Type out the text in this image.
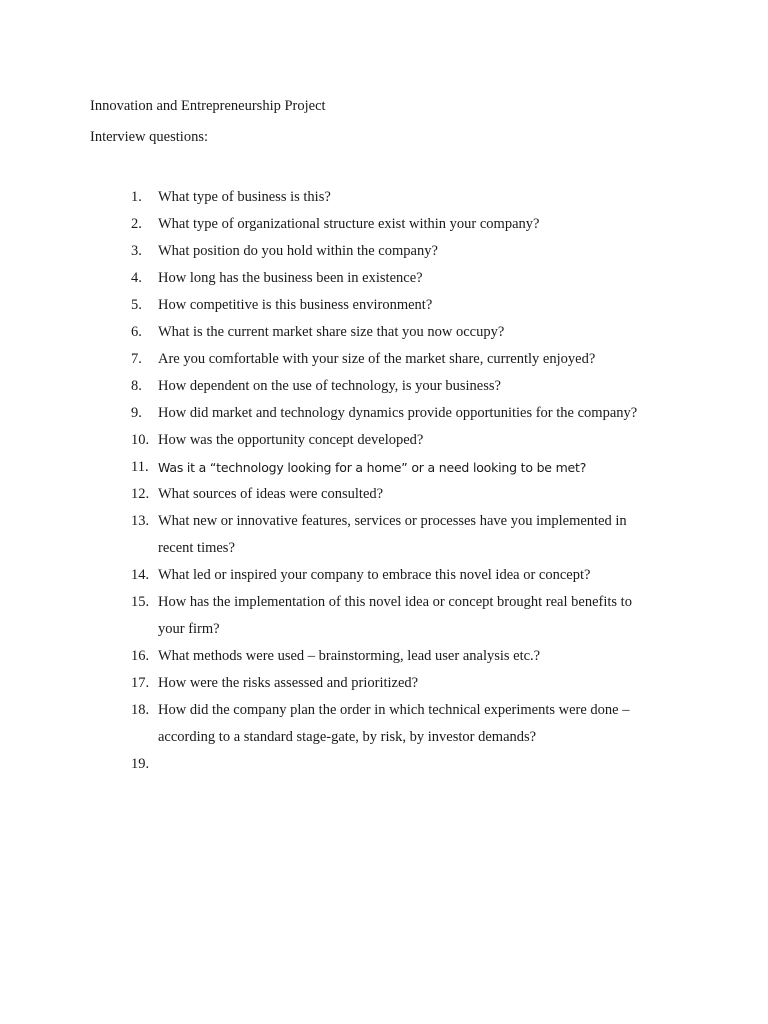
Innovation and Entrepreneurship Project
Interview questions:
1.	What type of business is this?
2.	What type of organizational structure exist within your company?
3.	What position do you hold within the company?
4.	How long has the business been in existence?
5.	How competitive is this business environment?
6.	What is the current market share size that you now occupy?
7.	Are you comfortable with your size of the market share, currently enjoyed?
8.	How dependent on the use of technology, is your business?
9.	How did market and technology dynamics provide opportunities for the company?
10. How was the opportunity concept developed?
11. Was it a “technology looking for a home” or a need looking to be met?
12. What sources of ideas were consulted?
13. What new or innovative features, services or processes have you implemented in recent times?
14. What led or inspired your company to embrace this novel idea or concept?
15. How has the implementation of this novel idea or concept brought real benefits to your firm?
16. What methods were used – brainstorming, lead user analysis etc.?
17. How were the risks assessed and prioritized?
18. How did the company plan the order in which technical experiments were done – according to a standard stage-gate, by risk, by investor demands?
19.
